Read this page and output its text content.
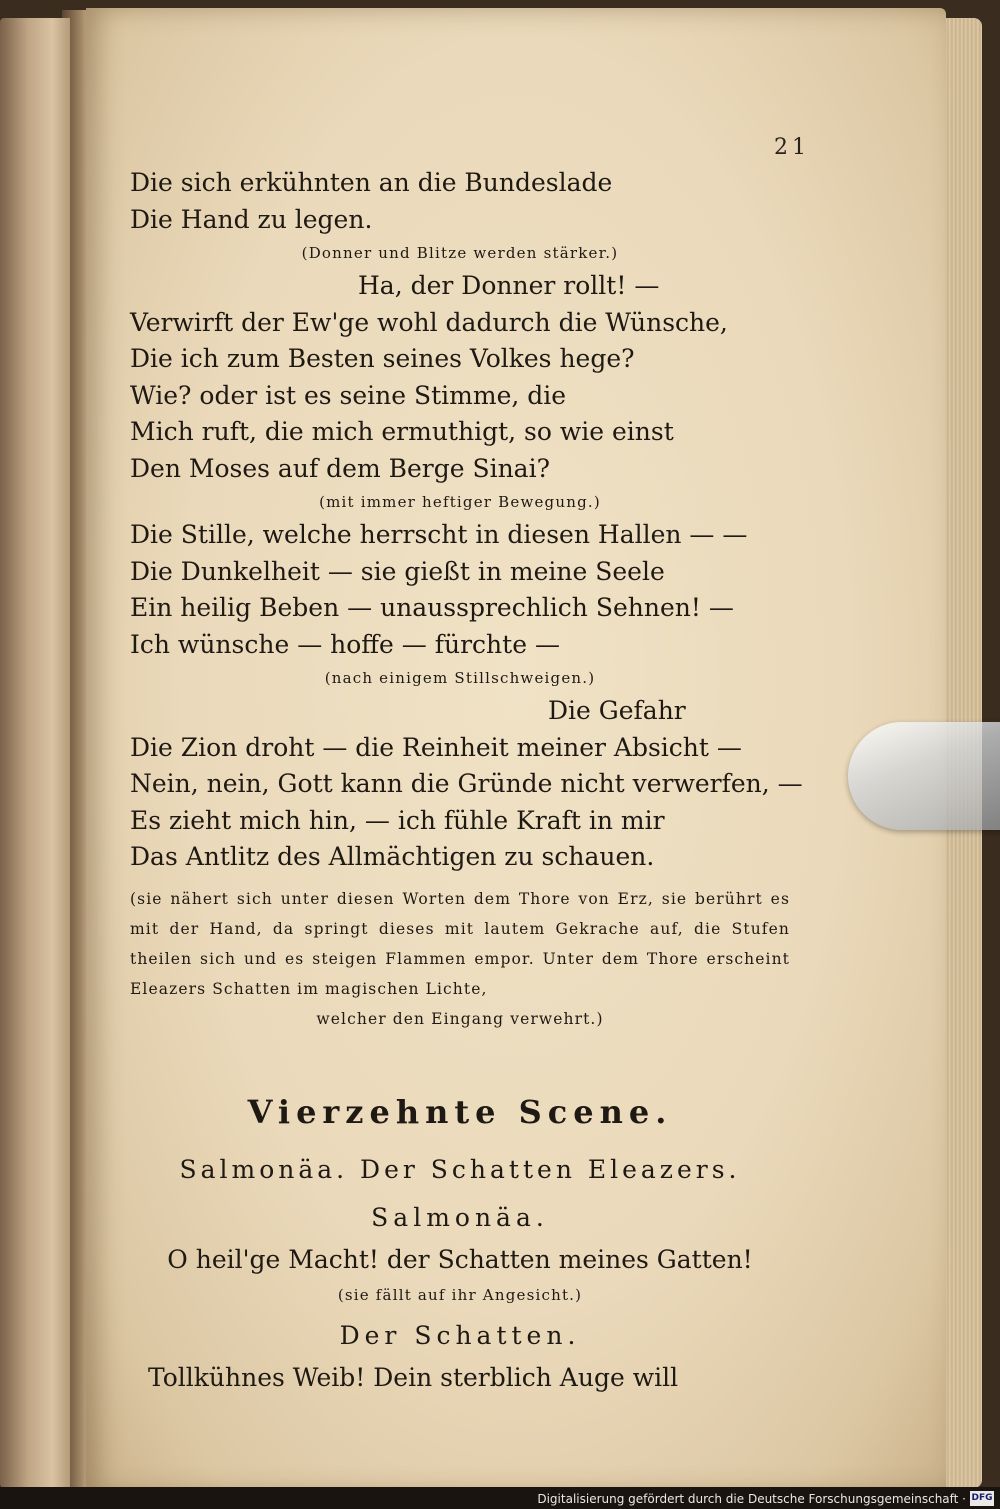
21
Die sich erkühnten an die Bundeslade
Die Hand zu legen.
(Donner und Blitze werden stärker.)
Ha, der Donner rollt! —
Verwirft der Ew'ge wohl dadurch die Wünsche,
Die ich zum Besten seines Volkes hege?
Wie? oder ist es seine Stimme, die
Mich ruft, die mich ermuthigt, so wie einst
Den Moses auf dem Berge Sinai?
(mit immer heftiger Bewegung.)
Die Stille, welche herrscht in diesen Hallen — —
Die Dunkelheit — sie gießt in meine Seele
Ein heilig Beben — unaussprechlich Sehnen! —
Ich wünsche — hoffe — fürchte —
(nach einigem Stillschweigen.)
Die Gefahr
Die Zion droht — die Reinheit meiner Absicht —
Nein, nein, Gott kann die Gründe nicht verwerfen, —
Es zieht mich hin, — ich fühle Kraft in mir
Das Antlitz des Allmächtigen zu schauen.
(sie nähert sich unter diesen Worten dem Thore von Erz, sie berührt es mit der Hand, da springt dieses mit lautem Gekrache auf, die Stufen theilen sich und es steigen Flammen empor. Unter dem Thore erscheint Eleazers Schatten im magischen Lichte,
welcher den Eingang verwehrt.)
Vierzehnte Scene.
Salmonäa. Der Schatten Eleazers.
Salmonäa.
O heil'ge Macht! der Schatten meines Gatten!
(sie fällt auf ihr Angesicht.)
Der Schatten.
Tollkühnes Weib! Dein sterblich Auge will
Digitalisierung gefördert durch die Deutsche Forschungsgemeinschaft · DFG
